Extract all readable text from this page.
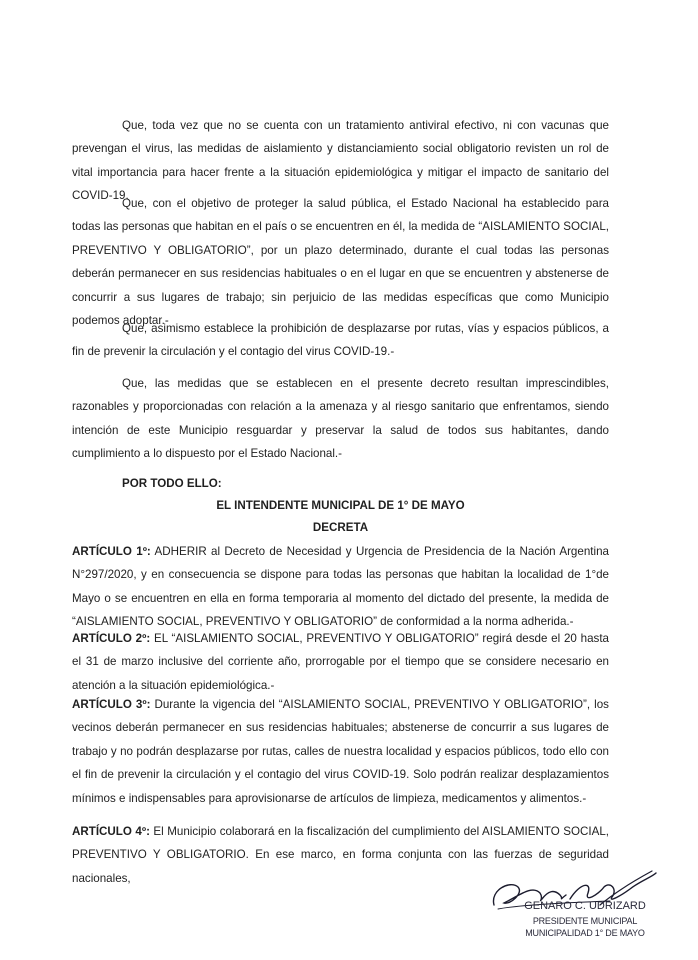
Que, toda vez que no se cuenta con un tratamiento antiviral efectivo, ni con vacunas que prevengan el virus, las medidas de aislamiento y distanciamiento social obligatorio revisten un rol de vital importancia para hacer frente a la situación epidemiológica y mitigar el impacto de sanitario del COVID-19.

Que, con el objetivo de proteger la salud pública, el Estado Nacional ha establecido para todas las personas que habitan en el país o se encuentren en él, la medida de “AISLAMIENTO SOCIAL, PREVENTIVO Y OBLIGATORIO”, por un plazo determinado, durante el cual todas las personas deberán permanecer en sus residencias habituales o en el lugar en que se encuentren y abstenerse de concurrir a sus lugares de trabajo; sin perjuicio de las medidas específicas que como Municipio podemos adoptar.-

Que, asimismo establece la prohibición de desplazarse por rutas, vías y espacios públicos, a fin de prevenir la circulación y el contagio del virus COVID-19.-

Que, las medidas que se establecen en el presente decreto resultan imprescindibles, razonables y proporcionadas con relación a la amenaza y al riesgo sanitario que enfrentamos, siendo intención de este Municipio resguardar y preservar la salud de todos sus habitantes, dando cumplimiento a lo dispuesto por el Estado Nacional.-

POR TODO ELLO:

EL INTENDENTE MUNICIPAL DE 1° DE MAYO

DECRETA

ARTÍCULO 1º: ADHERIR al Decreto de Necesidad y Urgencia de Presidencia de la Nación Argentina N°297/2020, y en consecuencia se dispone para todas las personas que habitan la localidad de 1°de Mayo o se encuentren en ella en forma temporaria al momento del dictado del presente, la medida de “AISLAMIENTO SOCIAL, PREVENTIVO Y OBLIGATORIO” de conformidad a la norma adherida.-

ARTÍCULO 2º: EL “AISLAMIENTO SOCIAL, PREVENTIVO Y OBLIGATORIO” regirá desde el 20 hasta el 31 de marzo inclusive del corriente año, prorrogable por el tiempo que se considere necesario en atención a la situación epidemiológica.-

ARTÍCULO 3º: Durante la vigencia del “AISLAMIENTO SOCIAL, PREVENTIVO Y OBLIGATORIO”, los vecinos deberán permanecer en sus residencias habituales; abstenerse de concurrir a sus lugares de trabajo y no podrán desplazarse por rutas, calles de nuestra localidad y espacios públicos, todo ello con el fin de prevenir la circulación y el contagio del virus COVID-19. Solo podrán realizar desplazamientos mínimos e indispensables para aprovisionarse de artículos de limpieza, medicamentos y alimentos.-

ARTÍCULO 4º: El Municipio colaborará en la fiscalización del cumplimiento del AISLAMIENTO SOCIAL, PREVENTIVO Y OBLIGATORIO. En ese marco, en forma conjunta con las fuerzas de seguridad nacionales,

GENARO C. UDRIZARD
PRESIDENTE MUNICIPAL
MUNICIPALIDAD 1° DE MAYO
